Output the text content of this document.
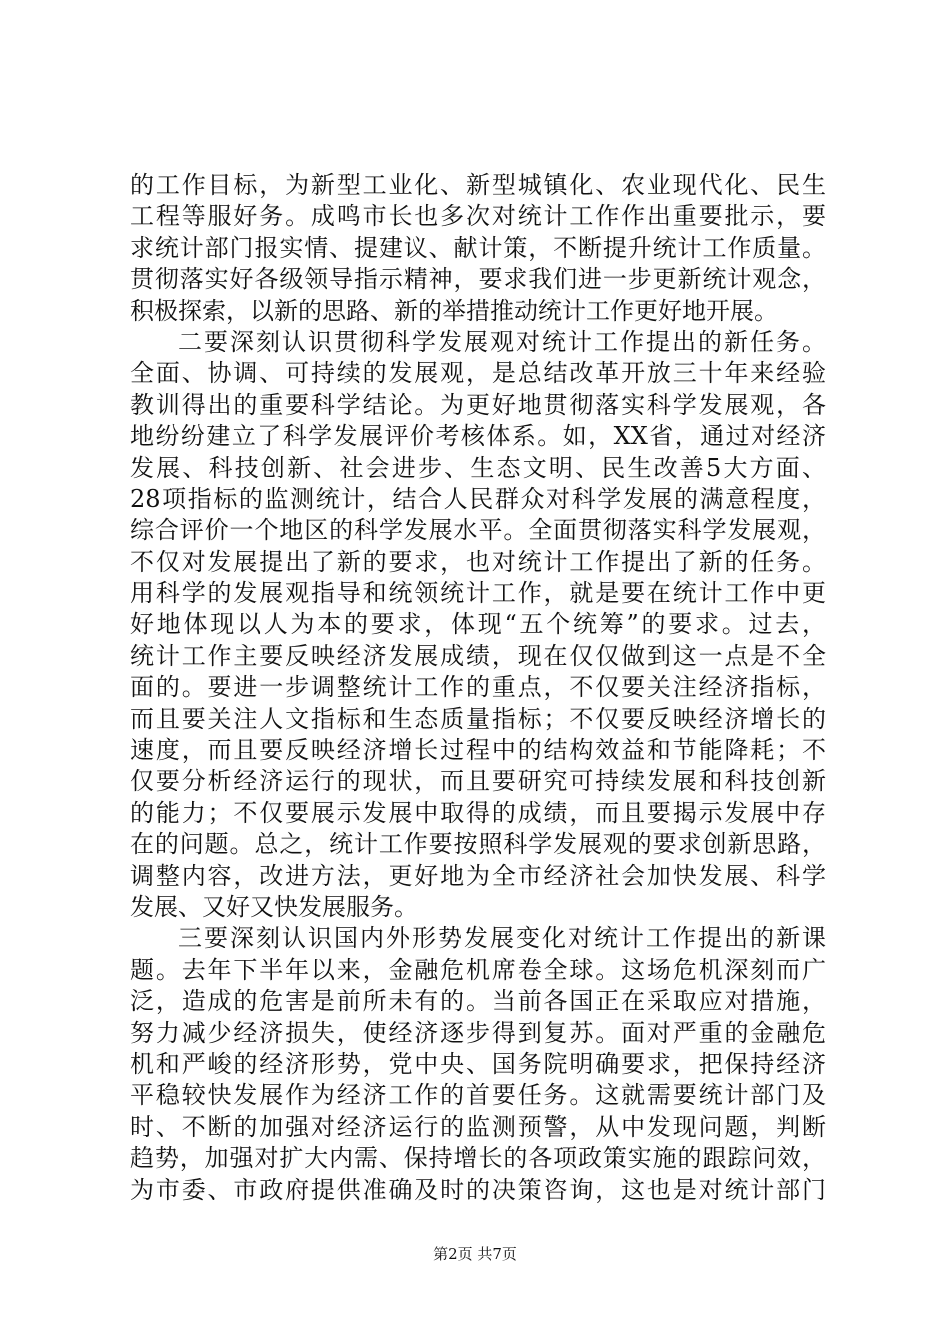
的工作目标，为新型工业化、新型城镇化、农业现代化、民生
工程等服好务。成鸣市长也多次对统计工作作出重要批示，要
求统计部门报实情、提建议、献计策，不断提升统计工作质量。
贯彻落实好各级领导指示精神，要求我们进一步更新统计观念，
积极探索，以新的思路、新的举措推动统计工作更好地开展。
二要深刻认识贯彻科学发展观对统计工作提出的新任务。
全面、协调、可持续的发展观，是总结改革开放三十年来经验
教训得出的重要科学结论。为更好地贯彻落实科学发展观，各
地纷纷建立了科学发展评价考核体系。如，XX省，通过对经济
发展、科技创新、社会进步、生态文明、民生改善5大方面、
28项指标的监测统计，结合人民群众对科学发展的满意程度，
综合评价一个地区的科学发展水平。全面贯彻落实科学发展观，
不仅对发展提出了新的要求，也对统计工作提出了新的任务。
用科学的发展观指导和统领统计工作，就是要在统计工作中更
好地体现以人为本的要求，体现“五个统筹”的要求。过去，
统计工作主要反映经济发展成绩，现在仅仅做到这一点是不全
面的。要进一步调整统计工作的重点，不仅要关注经济指标，
而且要关注人文指标和生态质量指标；不仅要反映经济增长的
速度，而且要反映经济增长过程中的结构效益和节能降耗；不
仅要分析经济运行的现状，而且要研究可持续发展和科技创新
的能力；不仅要展示发展中取得的成绩，而且要揭示发展中存
在的问题。总之，统计工作要按照科学发展观的要求创新思路，
调整内容，改进方法，更好地为全市经济社会加快发展、科学
发展、又好又快发展服务。
三要深刻认识国内外形势发展变化对统计工作提出的新课
题。去年下半年以来，金融危机席卷全球。这场危机深刻而广
泛，造成的危害是前所未有的。当前各国正在采取应对措施，
努力减少经济损失，使经济逐步得到复苏。面对严重的金融危
机和严峻的经济形势，党中央、国务院明确要求，把保持经济
平稳较快发展作为经济工作的首要任务。这就需要统计部门及
时、不断的加强对经济运行的监测预警，从中发现问题，判断
趋势，加强对扩大内需、保持增长的各项政策实施的跟踪问效，
为市委、市政府提供准确及时的决策咨询，这也是对统计部门
第2页 共7页
